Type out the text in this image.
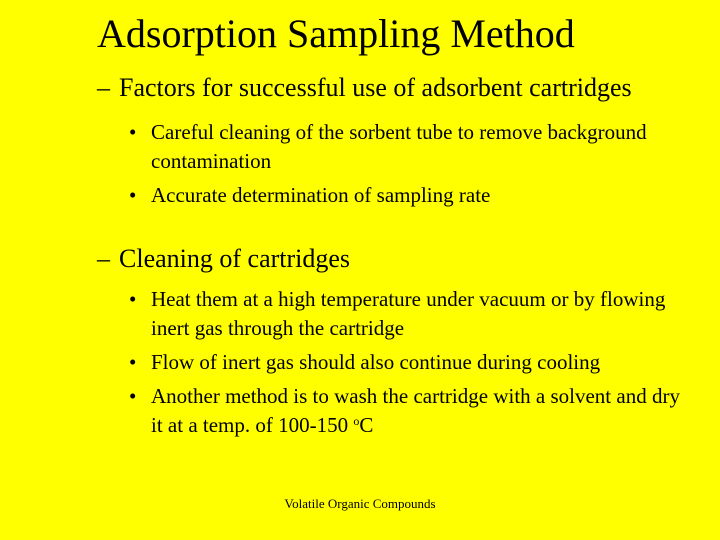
Adsorption Sampling Method
– Factors for successful use of adsorbent cartridges
• Careful cleaning of the sorbent tube to remove background contamination
• Accurate determination of sampling rate
– Cleaning of cartridges
• Heat them at a high temperature under vacuum or by flowing inert gas through the cartridge
• Flow of inert gas should also continue during cooling
• Another method is to wash the cartridge with a solvent and dry it at a temp. of 100-150 $^o$C
Volatile Organic Compounds
